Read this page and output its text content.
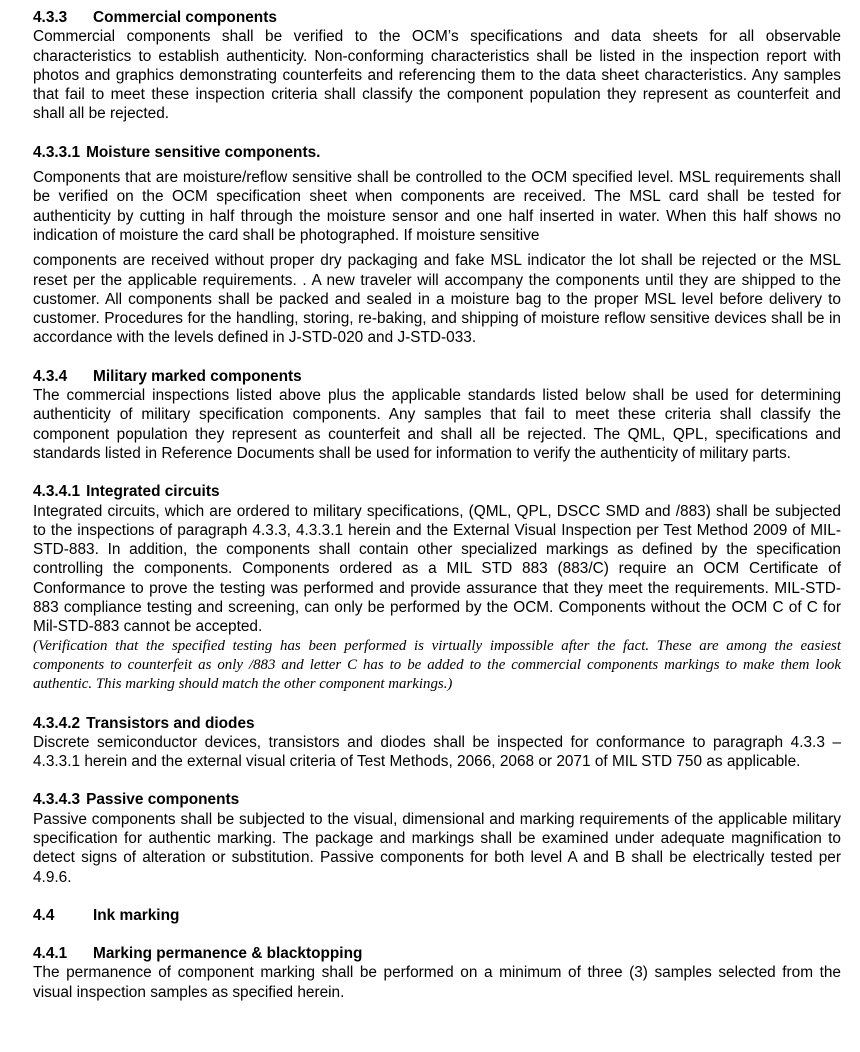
4.3.3 Commercial components

Commercial components shall be verified to the OCM’s specifications and data sheets for all observable characteristics to establish authenticity. Non-conforming characteristics shall be listed in the inspection report with photos and graphics demonstrating counterfeits and referencing them to the data sheet characteristics. Any samples that fail to meet these inspection criteria shall classify the component population they represent as counterfeit and shall all be rejected.

4.3.3.1 Moisture sensitive components.

Components that are moisture/reflow sensitive shall be controlled to the OCM specified level. MSL requirements shall be verified on the OCM specification sheet when components are received. The MSL card shall be tested for authenticity by cutting in half through the moisture sensor and one half inserted in water. When this half shows no indication of moisture the card shall be photographed. If moisture sensitive

components are received without proper dry packaging and fake MSL indicator the lot shall be rejected or the MSL reset per the applicable requirements. . A new traveler will accompany the components until they are shipped to the customer. All components shall be packed and sealed in a moisture bag to the proper MSL level before delivery to customer. Procedures for the handling, storing, re-baking, and shipping of moisture reflow sensitive devices shall be in accordance with the levels defined in J-STD-020 and J-STD-033.

4.3.4 Military marked components

The commercial inspections listed above plus the applicable standards listed below shall be used for determining authenticity of military specification components. Any samples that fail to meet these criteria shall classify the component population they represent as counterfeit and shall all be rejected. The QML, QPL, specifications and standards listed in Reference Documents shall be used for information to verify the authenticity of military parts.

4.3.4.1 Integrated circuits

Integrated circuits, which are ordered to military specifications, (QML, QPL, DSCC SMD and /883) shall be subjected to the inspections of paragraph 4.3.3, 4.3.3.1 herein and the External Visual Inspection per Test Method 2009 of MIL-STD-883. In addition, the components shall contain other specialized markings as defined by the specification controlling the components. Components ordered as a MIL STD 883 (883/C) require an OCM Certificate of Conformance to prove the testing was performed and provide assurance that they meet the requirements. MIL-STD-883 compliance testing and screening, can only be performed by the OCM. Components without the OCM C of C for Mil-STD-883 cannot be accepted.

(Verification that the specified testing has been performed is virtually impossible after the fact. These are among the easiest components to counterfeit as only /883 and letter C has to be added to the commercial components markings to make them look authentic. This marking should match the other component markings.)

4.3.4.2 Transistors and diodes

Discrete semiconductor devices, transistors and diodes shall be inspected for conformance to paragraph 4.3.3 – 4.3.3.1 herein and the external visual criteria of Test Methods, 2066, 2068 or 2071 of MIL STD 750 as applicable.

4.3.4.3 Passive components

Passive components shall be subjected to the visual, dimensional and marking requirements of the applicable military specification for authentic marking. The package and markings shall be examined under adequate magnification to detect signs of alteration or substitution. Passive components for both level A and B shall be electrically tested per 4.9.6.

4.4	Ink marking
4.4.1 Marking permanence & blacktopping

The permanence of component marking shall be performed on a minimum of three (3) samples selected from the visual inspection samples as specified herein.
